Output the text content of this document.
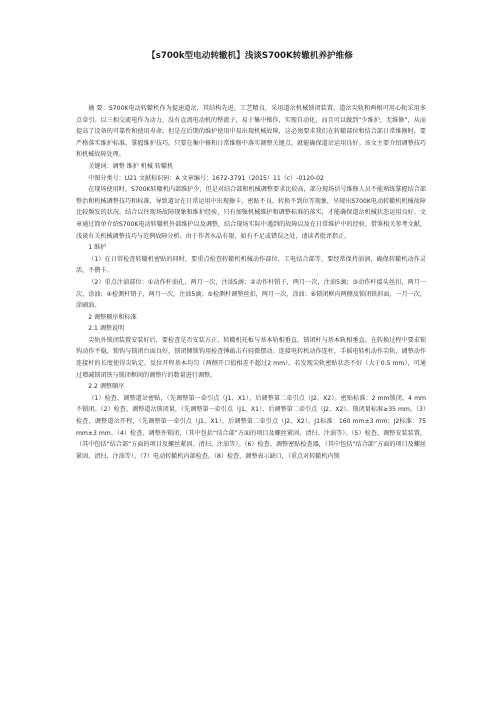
【s700k型电动转辙机】浅谈S700K转辙机养护维修

摘 要：S700K电动转辙机作为提速道岔，其结构先进，工艺精良，采用道岔机械锁闭装置，道岔尖轨和两根可用心轨采用多点牵引。以三相交流电作为动力，没有直流电动机的整流子，易于集中操作，实现自动化，而且可以做到“少维护，无维修”，从而提高了设备的可靠性和使用寿命。但是在后期的维护使用中易出现机械故障，这必须要求我们在转辙部位和结合部日常维修时，要严格落实维护标准，掌握维护技巧。只要在集中修和日常维修中落实调整关键点，就能确保道岔运用良好。该文主要介绍调整技巧和机械故障处理。

关键词：调整 维护 机械 转辙机

中图分类号：U21 文献标识码：A 文章编号：1672-3791（2015）11（c）-0120-02

在现场使用时，S700K转辙机内部维护少，但是对结合部和机械调整要求比较高，部分现场信号维修人员不能熟练掌握结合部整治和机械调整技巧和标准，导致道岔在日常运用中出现擦卡、密贴不良、转换不到位等现象，呈现出S700K电动转辙机机械故障比较频发的状况。结合以往现场故障现象和维护经验，只有加强机械维护和调整标准的落实，才能确保道岔机械状态运用良好。文章通过简单介绍S700K电动转辙机外部维护以及调整，结合现场实际中遇到的故障以及在日常维护中的经验，借鉴相关参考文献，浅谈有关机械调整技巧与范例故障分析。由于作者水晶有限，如有不足或错误之处，请读者批评指正。

1 维护

（1）在日常检查转辙机密贴的同时，要重点检查转辙机机械动作部位、工电结合部等，要经常保持油润，确保转辙机动作灵活，不攒卡。

（2）重点注油部位：①动作杆油孔，两月一次，注油5滴；②动作杆销子，两月一次，注油5滴；③动作杆接头丝扣，两月一次，涂油；④检测杆销子，两月一次，注油5滴；⑤检测杆调整丝扣，两月一次，涂油；⑥锁闭框内两侧及锁闭铁斜面，一月一次，涂刷油。

2 调整顺序和标准

2.1 调整说明

尖轨外锁闭装置安装好后，要检查是否安装方正，转辙机托板与基本轨相垂直，锁闭杆与基本轨相垂直。在转换过程中要求锁钩动作平稳，锁钩与锁闭台面良好，锁闭侧锁钩用检查锤敲击有轻微摆动。连接电转机动作连杆，手摇电转机动作尖轨，调整动作连接杆的长度使得尖轨定、反位开程基本均匀（两侧开口值相差不超过2 mm）。若发现尖轨密贴状态不好（大于0.5 mm），可通过增减锁闭铁与锁闭框间的调整片的数量进行调整。

2.2 调整顺序

（1）检查、调整道岔密贴，（先调整第一牵引点（J1、X1），后调整第二牵引点（J2、X2）。密贴标准：2 mm锁闭，4 mm不锁闭。（2）检查、调整道岔锁闭量，（先调整第一牵引点（J1、X1），后调整第二牵引点（J2、X2）。锁闭量标准≥35 mm。（3）检查、调整道岔开程，（先调整第一牵引点（J1、X1），后调整第二牵引点（J2、X2）。J1标准：160 mm±3 mm；J2标准：75 mm±3 mm。（4）检查、调整外锁闭，（其中包括“结合部”方面的项目及螺丝紧固、清扫、注油等）。（5）检查、调整安装装置，（其中包括“结合部”方面的项目及螺丝紧固、清扫、注油等）。（6）检查、调整密贴检查器，（其中包括“结合部”方面的项目及螺丝紧固、清扫、注油等）。（7）电动转辙机内部检查。（8）检查、调整表示缺口，（重点对转辙机内锁
